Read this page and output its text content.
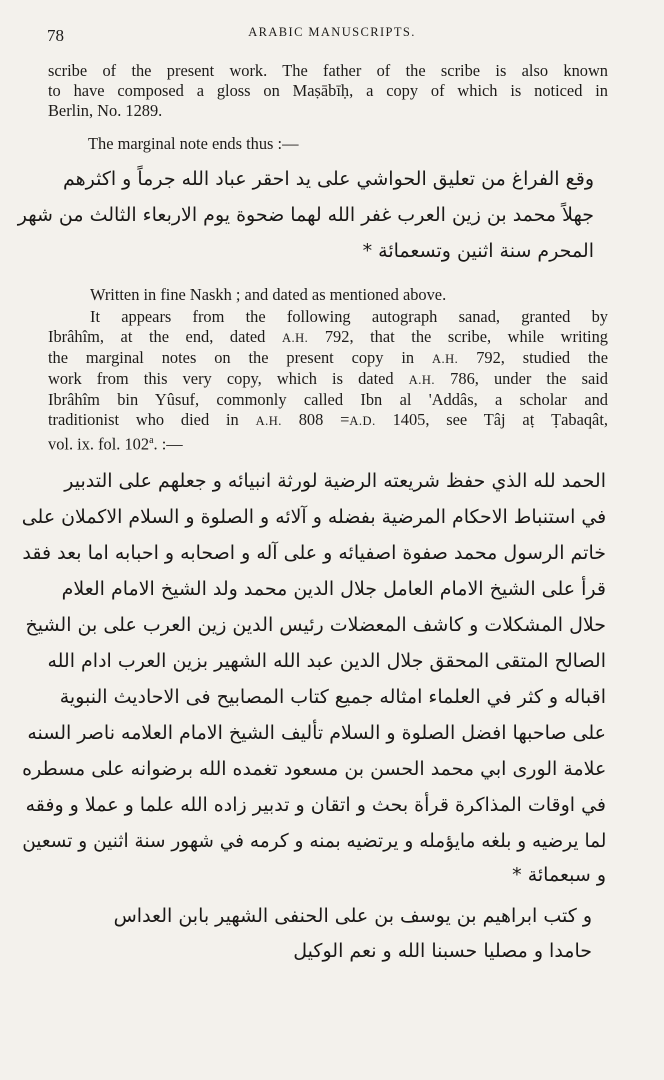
78	ARABIC MANUSCRIPTS.
scribe of the present work. The father of the scribe is also known
to have composed a gloss on Maṣābīḥ, a copy of which is noticed in
Berlin, No. 1289.
The marginal note ends thus :—
وقع الفراغ من تعليق الحواشي على يد احقر عباد الله جرماً و اكثرهم
جهلاً محمد بن زين العرب غفر الله لهما ضحوة يوم الاربعاء الثالث من شهر
المحرم سنة اثنين وتسعمائة *
Written in fine Naskh ; and dated as mentioned above.
It appears from the following autograph sanad, granted by
Ibrâhîm, at the end, dated A.H. 792, that the scribe, while writing
the marginal notes on the present copy in A.H. 792, studied the
work from this very copy, which is dated A.H. 786, under the said
Ibrâhîm bin Yûsuf, commonly called Ibn al 'Addâs, a scholar and
traditionist who died in A.H. 808 =A.D. 1405, see Tâj aṭ Ṭabaqât,
vol. ix. fol. 102$^a$. :—
الحمد لله الذي حفظ شريعته الرضية لورثة انبيائه و جعلهم على التدبير
في استنباط الاحكام المرضية بفضله و آلائه و الصلوة و السلام الاكملان على
خاتم الرسول محمد صفوة اصفيائه و على آله و اصحابه و احبابه اما بعد فقد
قرأ على الشيخ الامام العامل جلال الدين محمد ولد الشيخ الامام العلام
حلال المشكلات و كاشف المعضلات رئيس الدين زين العرب على بن الشيخ
الصالح المتقى المحقق جلال الدين عبد الله الشهير بزين العرب ادام الله
اقباله و كثر في العلماء امثاله جميع كتاب المصابيح فى الاحاديث النبوية
على صاحبها افضل الصلوة و السلام تأليف الشيخ الامام العلامه ناصر السنه
علامة الورى ابي محمد الحسن بن مسعود تغمده الله برضوانه على مسطره
في اوقات المذاكرة قرأة بحث و اتقان و تدبير زاده الله علما و عملا و وفقه
لما يرضيه و بلغه مايؤمله و يرتضيه بمنه و كرمه في شهور سنة اثنين و تسعين
و سبعمائة *
و كتب ابراهيم بن يوسف بن على الحنفى الشهير بابن العداس
حامدا و مصليا حسبنا الله و نعم الوكيل
